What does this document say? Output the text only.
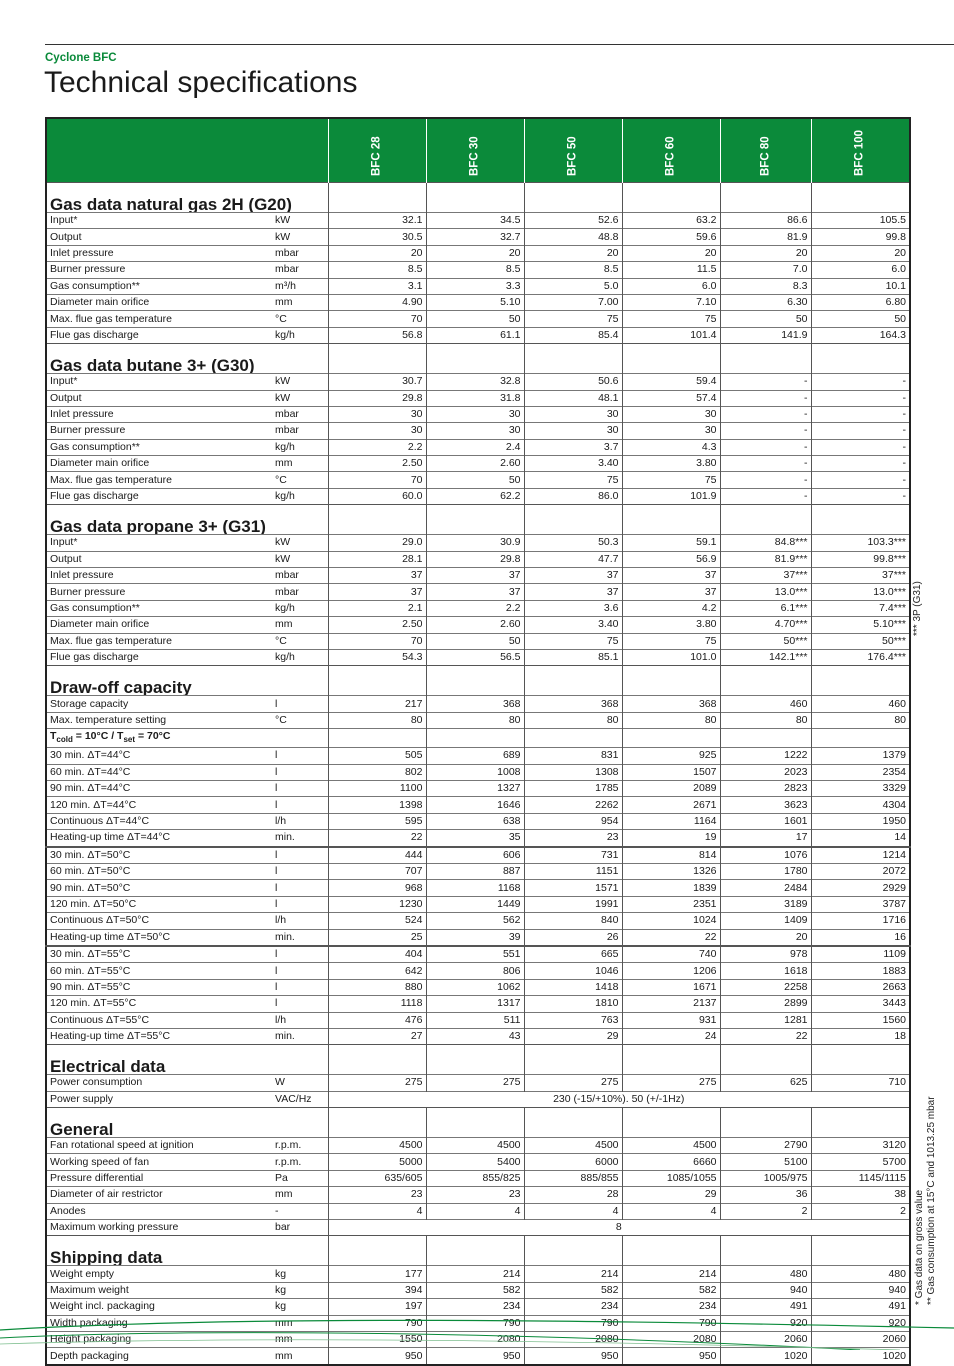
Cyclone BFC
Technical specifications

		BFC 28	BFC 30	BFC 50	BFC 60	BFC 80	BFC 100

Gas data natural gas 2H (G20)							
Input*	kW	32.1	34.5	52.6	63.2	86.6	105.5
Output	kW	30.5	32.7	48.8	59.6	81.9	99.8
Inlet pressure	mbar	20	20	20	20	20	20
Burner pressure	mbar	8.5	8.5	8.5	11.5	7.0	6.0
Gas consumption**	m³/h	3.1	3.3	5.0	6.0	8.3	10.1
Diameter main orifice	mm	4.90	5.10	7.00	7.10	6.30	6.80
Max. flue gas temperature	°C	70	50	75	75	50	50
Flue gas discharge	kg/h	56.8	61.1	85.4	101.4	141.9	164.3
Gas data butane 3+ (G30)							
Input*	kW	30.7	32.8	50.6	59.4	-	-
Output	kW	29.8	31.8	48.1	57.4	-	-
Inlet pressure	mbar	30	30	30	30	-	-
Burner pressure	mbar	30	30	30	30	-	-
Gas consumption**	kg/h	2.2	2.4	3.7	4.3	-	-
Diameter main orifice	mm	2.50	2.60	3.40	3.80	-	-
Max. flue gas temperature	°C	70	50	75	75	-	-
Flue gas discharge	kg/h	60.0	62.2	86.0	101.9	-	-
Gas data propane 3+ (G31)							
Input*	kW	29.0	30.9	50.3	59.1	84.8***	103.3***
Output	kW	28.1	29.8	47.7	56.9	81.9***	99.8***
Inlet pressure	mbar	37	37	37	37	37***	37***
Burner pressure	mbar	37	37	37	37	13.0***	13.0***
Gas consumption**	kg/h	2.1	2.2	3.6	4.2	6.1***	7.4***
Diameter main orifice	mm	2.50	2.60	3.40	3.80	4.70***	5.10***
Max. flue gas temperature	°C	70	50	75	75	50***	50***
Flue gas discharge	kg/h	54.3	56.5	85.1	101.0	142.1***	176.4***
Draw-off capacity							
Storage capacity	l	217	368	368	368	460	460
Max. temperature setting	°C	80	80	80	80	80	80
$T_{cold} = 10^\circ C / T_{set} = 70^\circ C$							
30 min. ΔT=44°C	l	505	689	831	925	1222	1379
60 min. ΔT=44°C	l	802	1008	1308	1507	2023	2354
90 min. ΔT=44°C	l	1100	1327	1785	2089	2823	3329
120 min. ΔT=44°C	l	1398	1646	2262	2671	3623	4304
Continuous ΔT=44°C	l/h	595	638	954	1164	1601	1950
Heating-up time ΔT=44°C	min.	22	35	23	19	17	14
30 min. ΔT=50°C	l	444	606	731	814	1076	1214
60 min. ΔT=50°C	l	707	887	1151	1326	1780	2072
90 min. ΔT=50°C	l	968	1168	1571	1839	2484	2929
120 min. ΔT=50°C	l	1230	1449	1991	2351	3189	3787
Continuous ΔT=50°C	l/h	524	562	840	1024	1409	1716
Heating-up time ΔT=50°C	min.	25	39	26	22	20	16
30 min. ΔT=55°C	l	404	551	665	740	978	1109
60 min. ΔT=55°C	l	642	806	1046	1206	1618	1883
90 min. ΔT=55°C	l	880	1062	1418	1671	2258	2663
120 min. ΔT=55°C	l	1118	1317	1810	2137	2899	3443
Continuous ΔT=55°C	l/h	476	511	763	931	1281	1560
Heating-up time ΔT=55°C	min.	27	43	29	24	22	18
Electrical data							
Power consumption	W	275	275	275	275	625	710
Power supply	VAC/Hz	230 (-15/+10%). 50 (+/-1Hz)					
General							
Fan rotational speed at ignition	r.p.m.	4500	4500	4500	4500	2790	3120
Working speed of fan	r.p.m.	5000	5400	6000	6660	5100	5700
Pressure differential	Pa	635/605	855/825	885/855	1085/1055	1005/975	1145/1115
Diameter of air restrictor	mm	23	23	28	29	36	38
Anodes	-	4	4	4	4	2	2
Maximum working pressure	bar	8					
Shipping data							
Weight empty	kg	177	214	214	214	480	480
Maximum weight	kg	394	582	582	582	940	940
Weight incl. packaging	kg	197	234	234	234	491	491
Width packaging	mm	790	790	790	790	920	920
Height packaging	mm	1550	2080	2080	2080	2060	2060
Depth packaging	mm	950	950	950	950	1020	1020
*** 3P (G31)
* Gas data on gross value ** Gas consumption at 15°C and 1013.25 mbar
